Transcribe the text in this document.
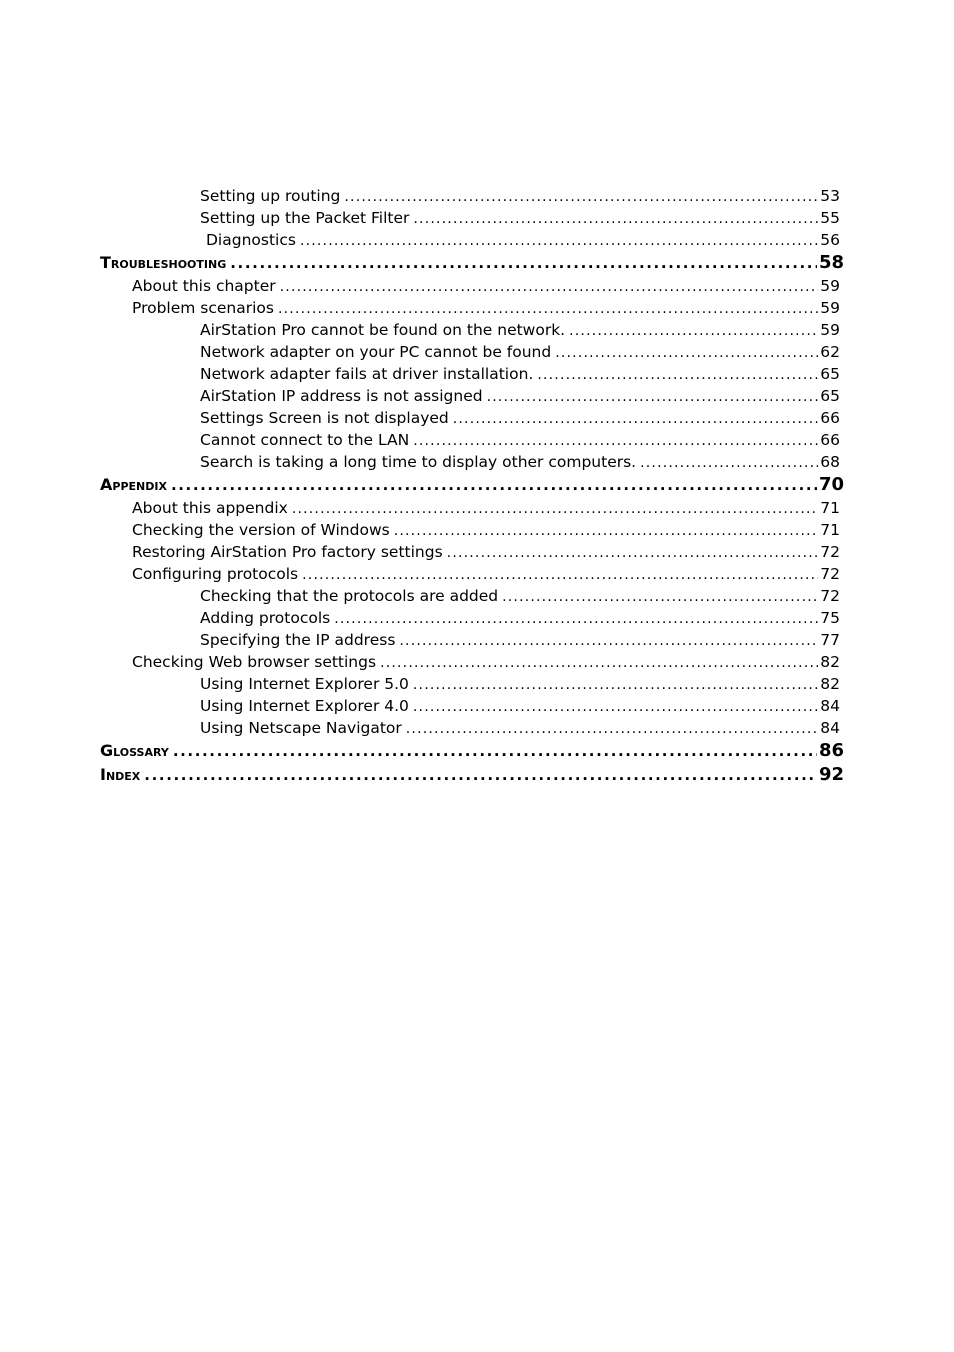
Setting up routing .....	53
Setting up the Packet Filter .....	55
Diagnostics .....	56
Troubleshooting .....	58
About this chapter .....	59
Problem scenarios .....	59
AirStation Pro cannot be found on the network. .....	59
Network adapter on your PC cannot be found .....	62
Network adapter fails at driver installation. .....	65
AirStation IP address is not assigned .....	65
Settings Screen is not displayed .....	66
Cannot connect to the LAN .....	66
Search is taking a long time to display other computers. .....	68
Appendix .....	70
About this appendix .....	71
Checking the version of Windows .....	71
Restoring AirStation Pro factory settings .....	72
Configuring protocols .....	72
Checking that the protocols are added .....	72
Adding protocols .....	75
Specifying the IP address .....	77
Checking Web browser settings .....	82
Using Internet Explorer 5.0 .....	82
Using Internet Explorer 4.0 .....	84
Using Netscape Navigator .....	84
Glossary .....	86
Index .....	92
